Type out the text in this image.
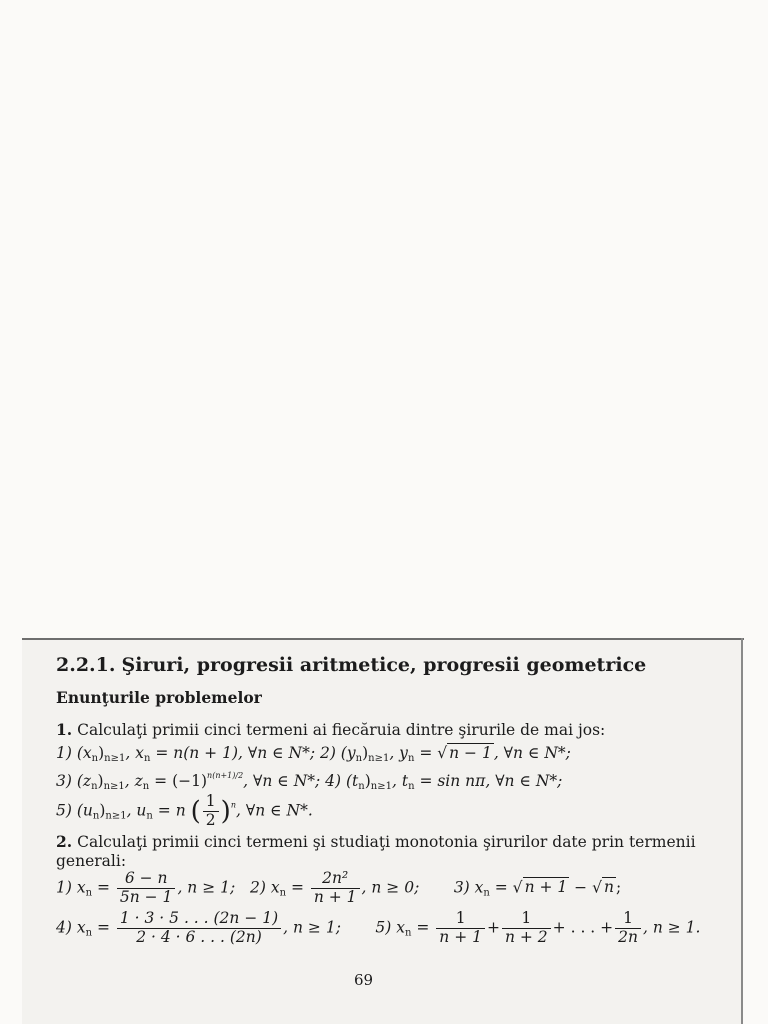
2.2.1. Şiruri, progresii aritmetice, progresii geometrice
Enunţurile problemelor
1. Calculaţi primii cinci termeni ai fiecăruia dintre şirurile de mai jos:
1) $(x_n)_{n\ge 1}$, $x_n = n(n + 1)$, ∀n ∈ N*; 2) $(y_n)_{n\ge 1}$, $y_n$ = √ n − 1 , ∀n ∈ N*;
3) $(z_n)_{n\ge 1}$, $z_n = (-1)^{n(n+1)/2}$, ∀n ∈ N*; 4) $(t_n)_{n\ge 1}$, $t_n = \sin n\pi$, ∀n ∈ N*;
5) $(u_n)_{n\ge 1}$, $u_n = n$ ( $\frac{1}{2} )^n$, ∀n ∈ N*.
2. Calculaţi primii cinci termeni şi studiaţi monotonia şirurilor date prin termenii
generali:
1) $x_n = \frac{6 - n}{5n - 1}$ , n ≥ 1; 2) $x_n = \frac{\text{2n²}}{n + 1}$ , n ≥ 0; 3) $x_n$ = √ n + 1 − √ n ;
4) $x_n = \frac{1 \cdot 3 \cdot 5 . . . (2n - 1)}{2 \cdot 4 \cdot 6 . . . (2n)}$ , n ≥ 1; 5) $x_n = \frac{1}{n + 1} + \frac{1}{n + 2}$ + . . . + $\frac{1}{2n}$ , n ≥ 1.
69
